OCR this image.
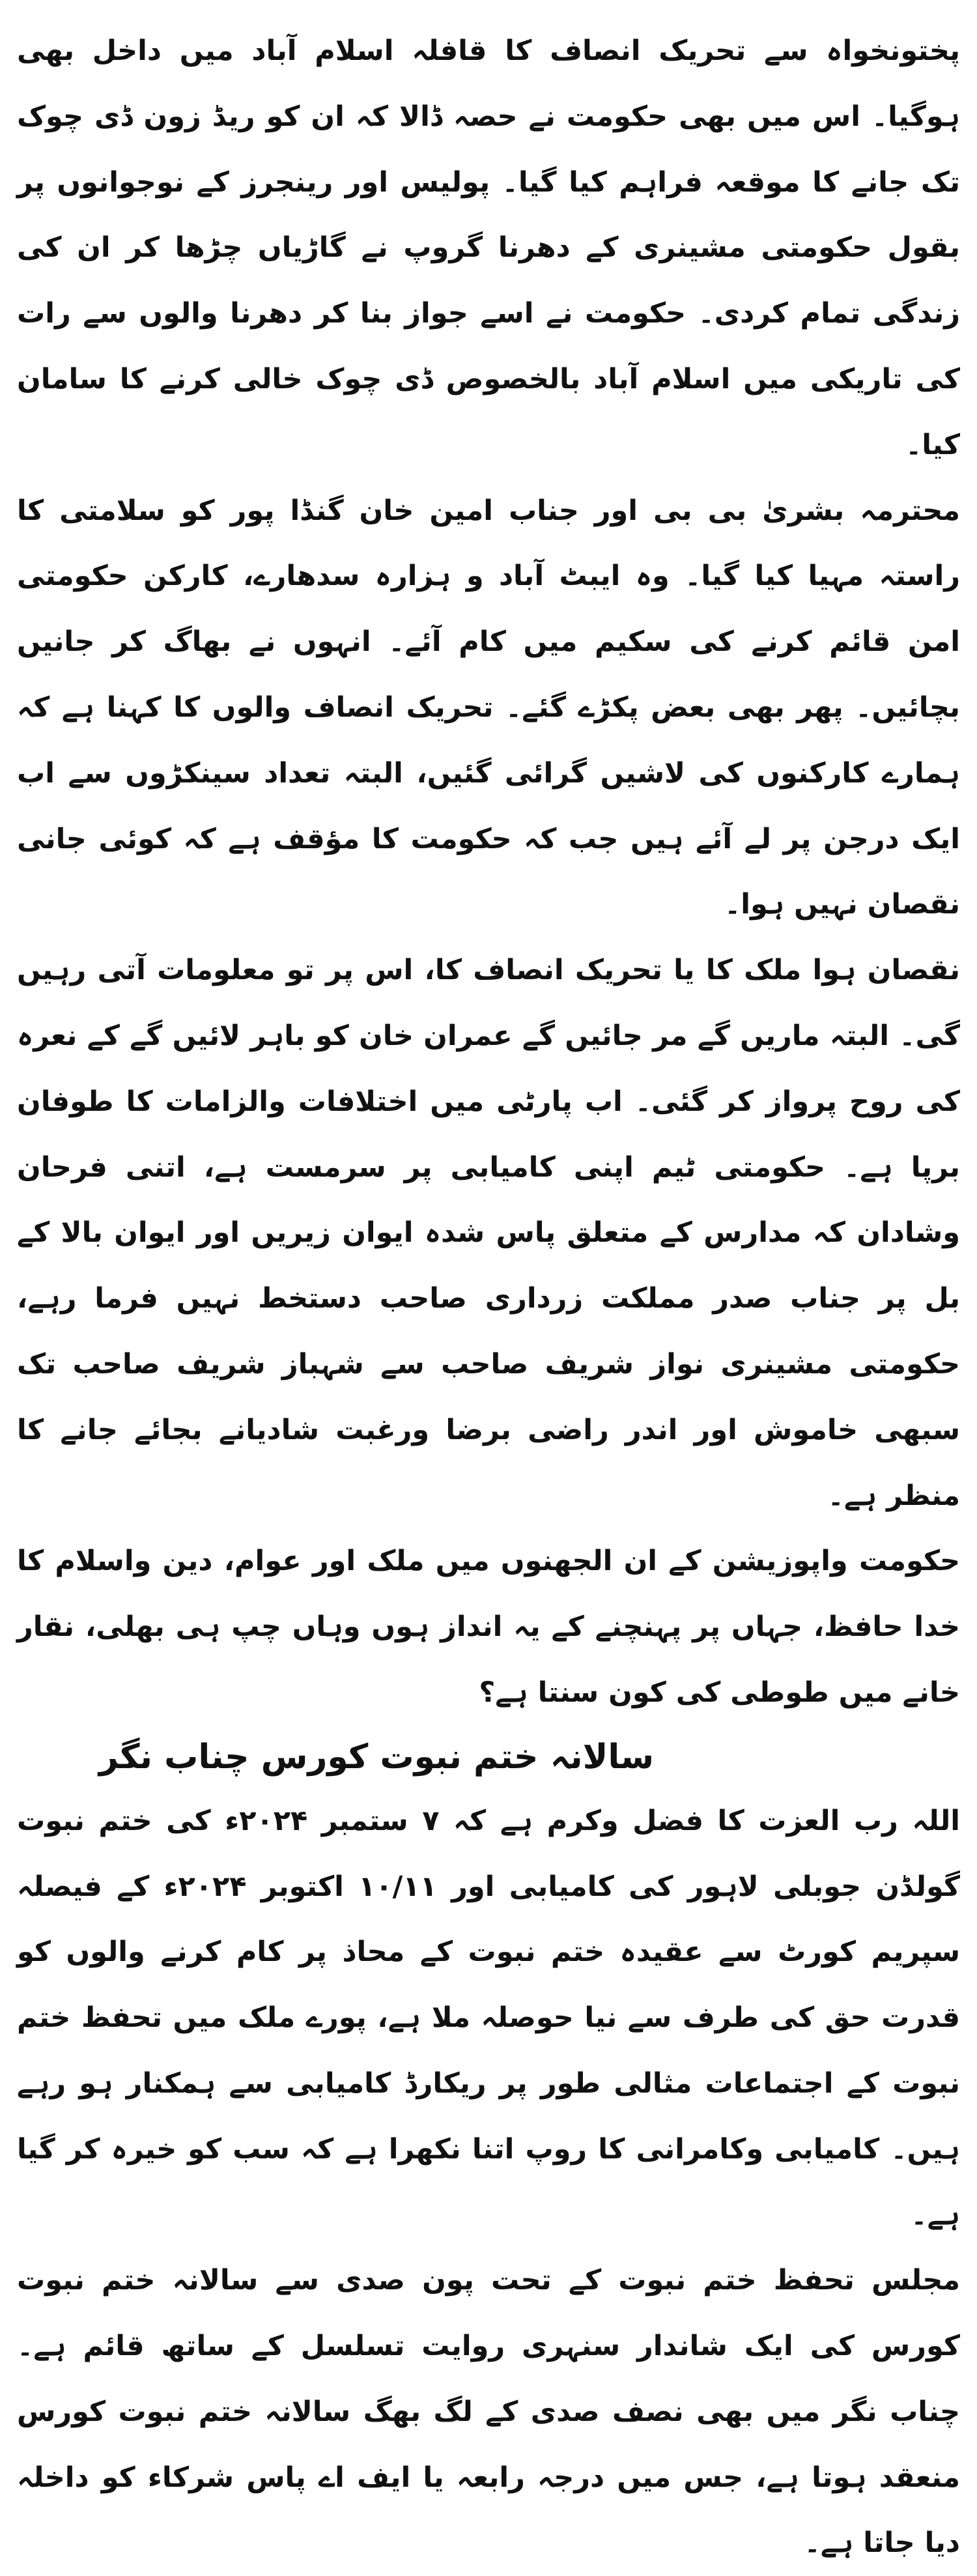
پختونخواہ سے تحریک انصاف کا قافلہ اسلام آباد میں داخل بھی ہوگیا۔ اس میں بھی حکومت نے حصہ ڈالا کہ ان کو ریڈ زون ڈی چوک تک جانے کا موقعہ فراہم کیا گیا۔ پولیس اور رینجرز کے نوجوانوں پر بقول حکومتی مشینری کے دھرنا گروپ نے گاڑیاں چڑھا کر ان کی زندگی تمام کردی۔ حکومت نے اسے جواز بنا کر دھرنا والوں سے رات کی تاریکی میں اسلام آباد بالخصوص ڈی چوک خالی کرنے کا سامان کیا۔

محترمہ بشریٰ بی بی اور جناب امین خان گنڈا پور کو سلامتی کا راستہ مہیا کیا گیا۔ وہ ایبٹ آباد و ہزارہ سدھارے، کارکن حکومتی امن قائم کرنے کی سکیم میں کام آئے۔ انہوں نے بھاگ کر جانیں بچائیں۔ پھر بھی بعض پکڑے گئے۔ تحریک انصاف والوں کا کہنا ہے کہ ہمارے کارکنوں کی لاشیں گرائی گئیں، البتہ تعداد سینکڑوں سے اب ایک درجن پر لے آئے ہیں جب کہ حکومت کا مؤقف ہے کہ کوئی جانی نقصان نہیں ہوا۔

نقصان ہوا ملک کا یا تحریک انصاف کا، اس پر تو معلومات آتی رہیں گی۔ البتہ ماریں گے مر جائیں گے عمران خان کو باہر لائیں گے کے نعرہ کی روح پرواز کر گئی۔ اب پارٹی میں اختلافات والزامات کا طوفان برپا ہے۔ حکومتی ٹیم اپنی کامیابی پر سرمست ہے، اتنی فرحان وشادان کہ مدارس کے متعلق پاس شدہ ایوان زیریں اور ایوان بالا کے بل پر جناب صدر مملکت زرداری صاحب دستخط نہیں فرما رہے، حکومتی مشینری نواز شریف صاحب سے شہباز شریف صاحب تک سبھی خاموش اور اندر راضی برضا ورغبت شادیانے بجائے جانے کا منظر ہے۔

حکومت واپوزیشن کے ان الجھنوں میں ملک اور عوام، دین واسلام کا خدا حافظ، جہاں پر پہنچنے کے یہ انداز ہوں وہاں چپ ہی بھلی، نقار خانے میں طوطی کی کون سنتا ہے؟

سالانہ ختم نبوت کورس چناب نگر

اللہ رب العزت کا فضل وکرم ہے کہ ۷ ستمبر ۲۰۲۴ء کی ختم نبوت گولڈن جوبلی لاہور کی کامیابی اور ۱۰/۱۱ اکتوبر ۲۰۲۴ء کے فیصلہ سپریم کورٹ سے عقیدہ ختم نبوت کے محاذ پر کام کرنے والوں کو قدرت حق کی طرف سے نیا حوصلہ ملا ہے، پورے ملک میں تحفظ ختم نبوت کے اجتماعات مثالی طور پر ریکارڈ کامیابی سے ہمکنار ہو رہے ہیں۔ کامیابی وکامرانی کا روپ اتنا نکھرا ہے کہ سب کو خیرہ کر گیا ہے۔

مجلس تحفظ ختم نبوت کے تحت پون صدی سے سالانہ ختم نبوت کورس کی ایک شاندار سنہری روایت تسلسل کے ساتھ قائم ہے۔ چناب نگر میں بھی نصف صدی کے لگ بھگ سالانہ ختم نبوت کورس منعقد ہوتا ہے، جس میں درجہ رابعہ یا ایف اے پاس شرکاء کو داخلہ دیا جاتا ہے۔
